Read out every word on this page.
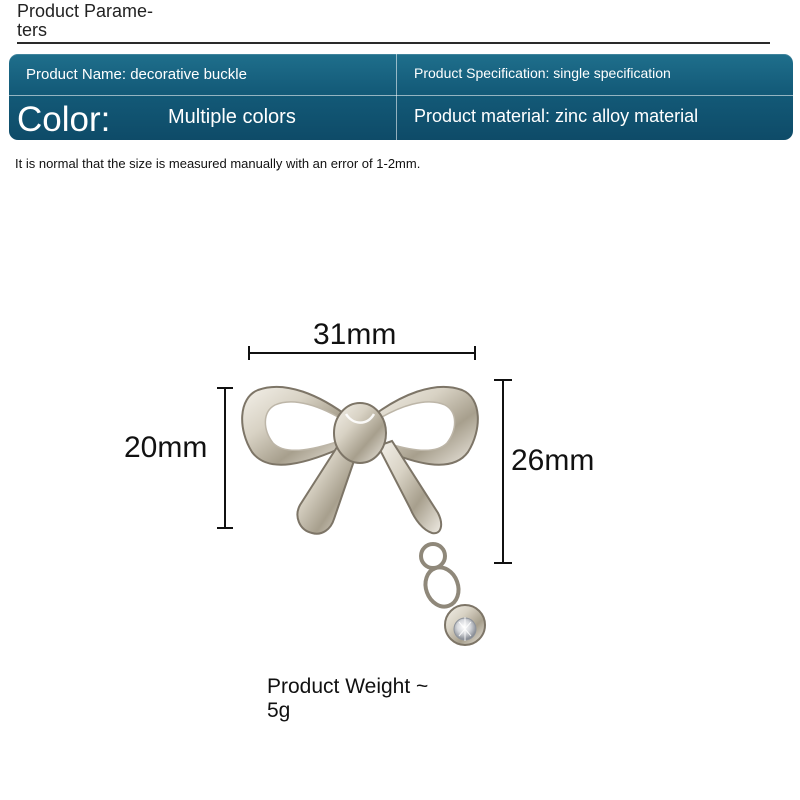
Product Parame-
ters
Product Name: decorative buckle	Product Specification: single specification
Color:	Multiple colors	Product material: zinc alloy material
It is normal that the size is measured manually with an error of 1-2mm.
31mm
20mm	26mm
Product Weight ~
5g
